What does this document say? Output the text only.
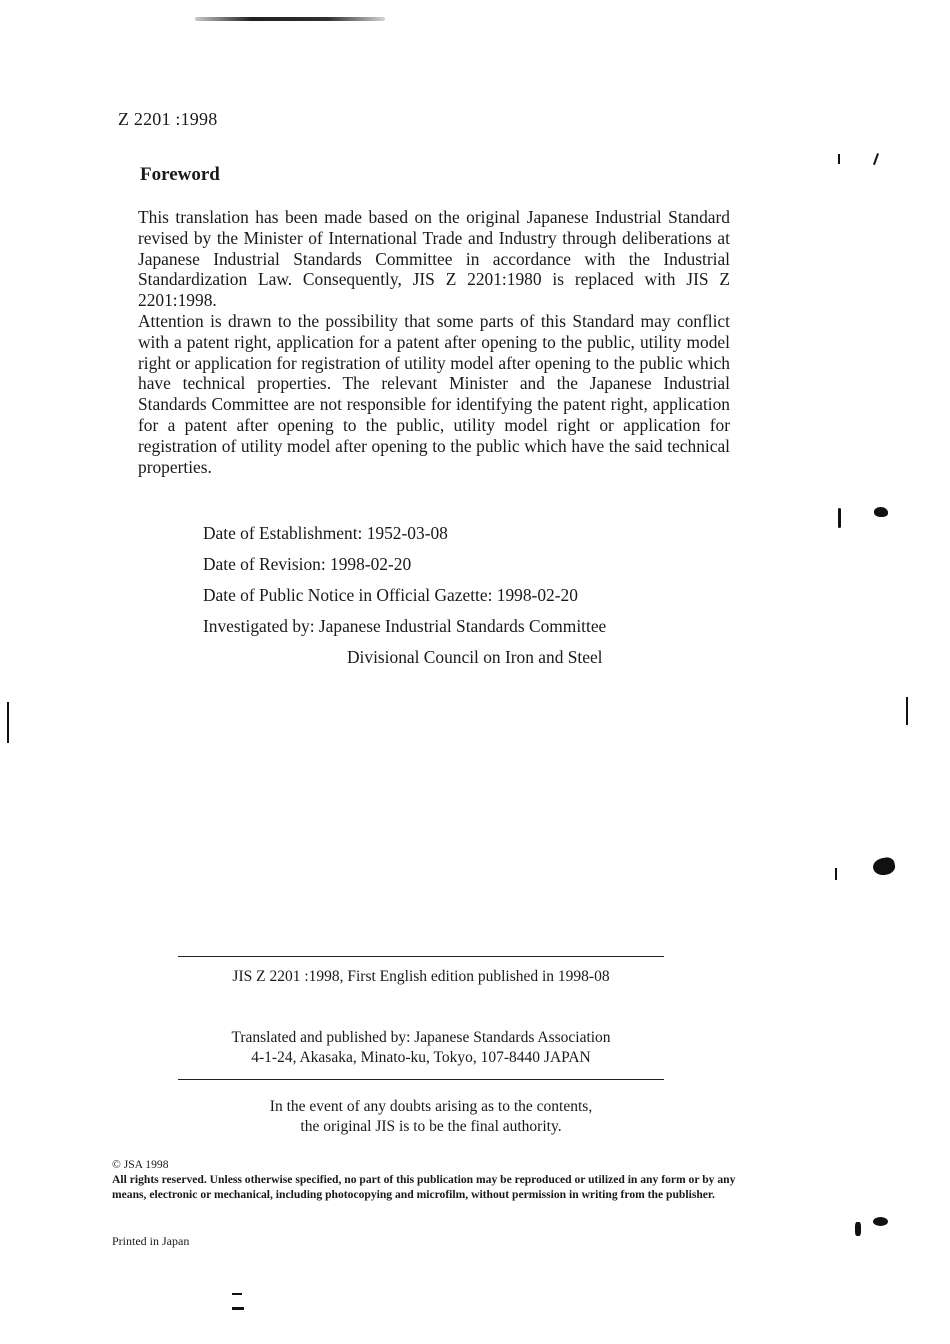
Z 2201 :1998
Foreword

This translation has been made based on the original Japanese Industrial Standard revised by the Minister of International Trade and Industry through deliberations at Japanese Industrial Standards Committee in accordance with the Industrial Standardization Law. Consequently, JIS Z 2201:1980 is replaced with JIS Z 2201:1998.

Attention is drawn to the possibility that some parts of this Standard may conflict with a patent right, application for a patent after opening to the public, utility model right or application for registration of utility model after opening to the public which have technical properties. The relevant Minister and the Japanese Industrial Standards Committee are not responsible for identifying the patent right, application for a patent after opening to the public, utility model right or application for registration of utility model after opening to the public which have the said technical properties.

Date of Establishment: 1952-03-08
Date of Revision: 1998-02-20
Date of Public Notice in Official Gazette: 1998-02-20
Investigated by: Japanese Industrial Standards Committee
Divisional Council on Iron and Steel
JIS Z 2201 :1998, First English edition published in 1998-08
Translated and published by: Japanese Standards Association
4-1-24, Akasaka, Minato-ku, Tokyo, 107-8440 JAPAN
In the event of any doubts arising as to the contents,
the original JIS is to be the final authority.
© JSA 1998
All rights reserved. Unless otherwise specified, no part of this publication may be reproduced or utilized in any form or by any means, electronic or mechanical, including photocopying and microfilm, without permission in writing from the publisher.
Printed in Japan
